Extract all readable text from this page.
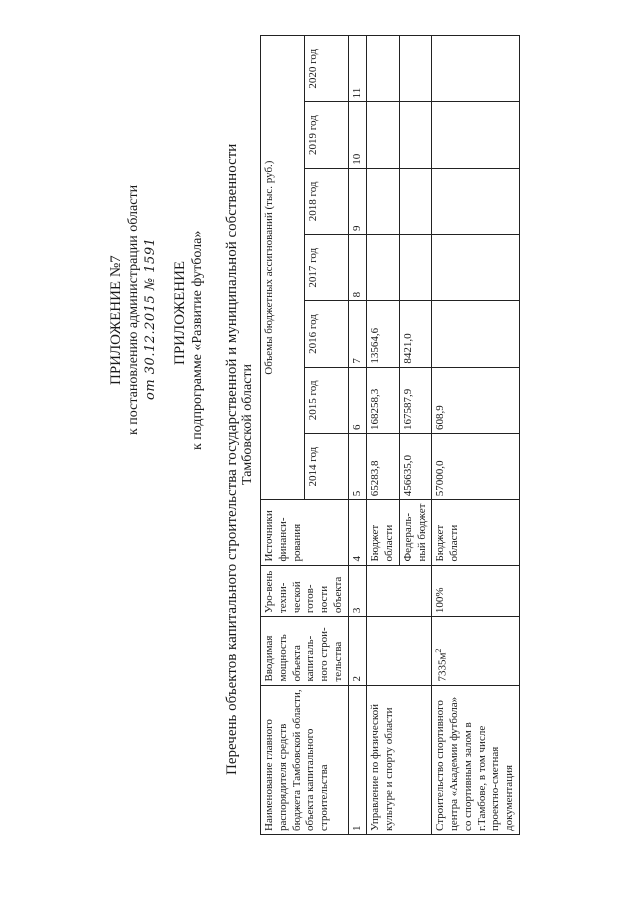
ПРИЛОЖЕНИЕ №7 к постановлению администрации области от 30.12.2015 № 1591 ПРИЛОЖЕНИЕ к подпрограмме «Развитие футбола» Перечень объектов капитального строительства государственной и муниципальной собственности Тамбовской области
Наименование главного распорядителя средств бюджета Тамбовской области, объекта капитального строительства	Вводимая мощность объекта капиталь-ного строи-тельства	Уро-вень техни-ческой готов-ности объекта	Источники финанси-рования	Объемы бюджетных ассигнований (тыс. руб.)						
				2014 год	2015 год	2016 год	2017 год	2018 год	2019 год	2020 год
1	2	3	4	5	6	7	8	9	10	11
Управление по физической культуре и спорту области			Бюджет области	65283,8	168258,3	13564,6				
			Федераль-ный бюджет	456635,0	167587,9	8421,0				
Строительство спортивного центра «Академии футбола» со спортивным залом в г.Тамбове, в том числе проектно-сметная документация	$7335м^2$	100%	Бюджет области	57000,0	608,9					
